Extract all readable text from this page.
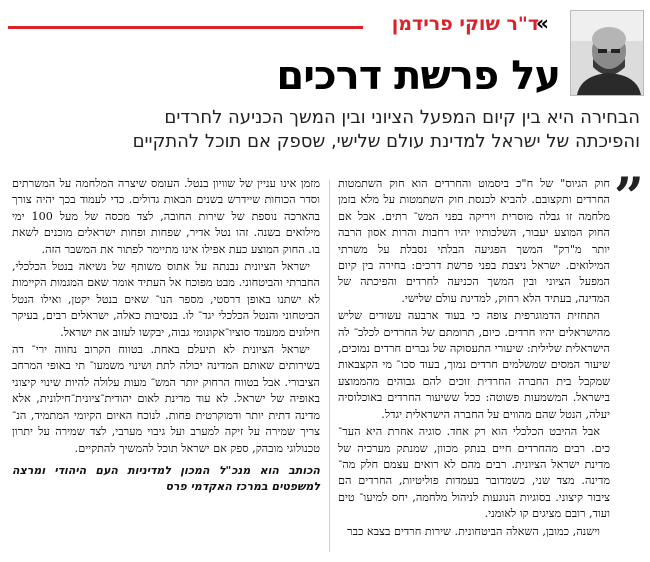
«
ד"ר שוקי פרידמן
על פרשת דרכים
הבחירה היא בין קיום המפעל הציוני ובין המשך הכניעה לחרדים
והפיכתה של ישראל למדינת עולם שלישי, שספק אם תוכל להתקיים
”

חוק הגיוס" של ח"כ ביסמוט והחרדים הוא חוק השתמטות החרדים ותקצובם. להביא לכנסת חוק השתמטות על מלא בזמן מלחמה זו גבלה מוסרית ויריקה בפני המש־ רתים. אבל אם החוק המוצע יעבור, השלכותיו יהיו רחבות והרות אסון הרבה יותר מ"רק" המשך הפגיעה הבלתי נסבלת על משרתי המילואים. ישראל ניצבת בפני פרשת דרכים: בחירה בין קיום המפעל הציוני ובין המשך הכניעה לחרדים והפיכתה של המדינה, בעתיד הלא רחוק, למדינת עולם שלישי.

התחזית הדמוגרפית צופה כי בעוד ארבעה עשורים שליש מהישראלים יהיו חרדים. כיום, תרומתם של החרדים לכלכ־ לה הישראלית שלילית: שיעורי התעסוקה של גברים חרדים נמוכים, שיעור המסים שמשלמים חרדים נמוך, בעוד סכו־ מי הקצבאות שמקבל בית החברה החרדית זוכים להם גבוהים מהממוצע בישראל. המשמעות פשוטה: ככל ששיעור החרדים באוכלוסיה יעלה, הנטל שהם מהווים על החברה הישראלית יגדל.

אבל ההיבט הכלכלי הוא רק אחד. סוגיה אחרת היא הער־ כים. רבים מהחרדים חיים בנתק מכוון, שמנתק מערכיה של מדינת ישראל הציונית. רבים מהם לא רואים עצמם חלק מה־ מדינה. מצד שני, כשמדובר בעמדות פוליטיות, החרדים הם ציבור קיצוני. בסוגיות הנוגעות לניהול מלחמה, יחס למיעו־ טים ועוד, רובם מציגים קו לאומני.

וישנה, כמובן, השאלה הביטחונית. שירות חרדים בצבא כבר

מזמן אינו עניין של שוויון בנטל. העומס שיצרה המלחמה על המשרתים וסדר הכוחות שיידרש בשנים הבאות גדולים. כדי לעמוד בכך יהיה צורך בהארכה נוספת של שירות החובה, לצד מכסה של מעל 100 ימי מילואים בשנה. זהו נטל אדיר, שפחות ופחות ישראלים מוכנים לשאת בו. החוק המוצע כעת אפילו אינו מתיימר לפתור את המשבר הזה.

ישראל הציונית נבנתה על אתוס משותף של נשיאה בנטל הכלכלי, החברתי והביטחוני. מבט מפוכח אל העתיד אומר שאם המגמות הקיימות לא ישתנו באופן דרסטי, מספר הנו־ שאים בנטל יקטן, ואילו הנטל הביטחוני והנטל הכלכלי יגד־ לו. בנסיבות כאלה, ישראלים רבים, בעיקר חילונים ממעמד סוציו־אקונומי גבוה, יבקשו לעזוב את ישראל.

ישראל הציונית לא תיעלם באחת. בטווח הקרוב נחווה ירי־ דה בשירותים שאותם המדינה יכולה לתת ושינוי משמעו־ תי באופי המרחב הציבורי. אבל בטווח הרחוק יותר המש־ מעות עלולה להיות שינוי קיצוני באופיה של ישראל. לא עוד מדינת לאום יהודית־ציונית־חילונית, אלא מדינה דתית יותר ודמוקרטית פחות. לנוכח האיום הקיומי המתמיד, הנ־ צריך שמירה על זיקה למערב ועל גיבוי מערבי, לצד שמירה על יתרון טכנולוגי מובהק, ספק אם ישראל תוכל להמשיך להתקיים.

הכותב הוא מנכ"ל המכון למדיניות העם היהודי ומרצה למשפטים במרכז האקדמי פרס
